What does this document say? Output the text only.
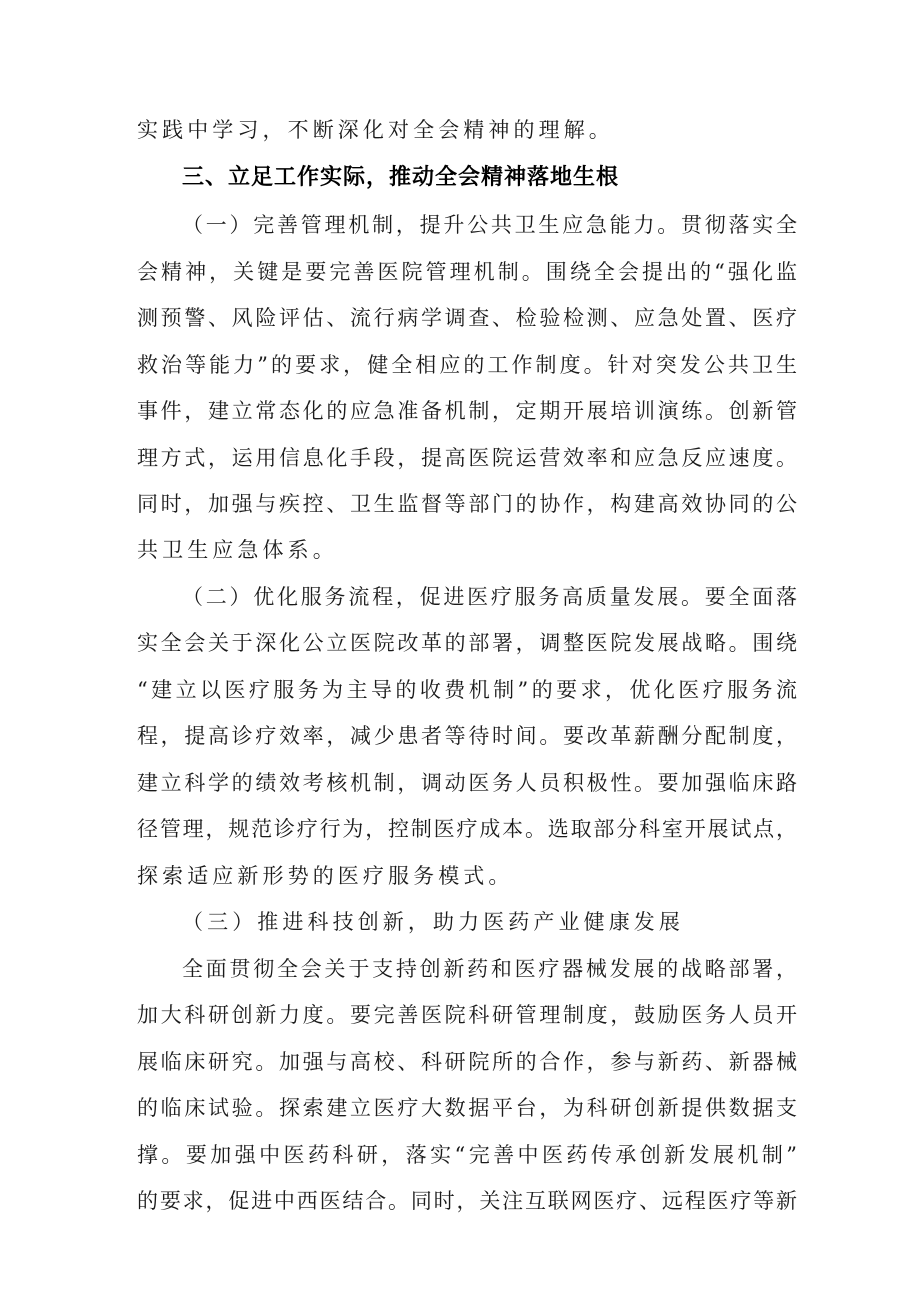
实践中学习，不断深化对全会精神的理解。
三、立足工作实际，推动全会精神落地生根
（一）完善管理机制，提升公共卫生应急能力。贯彻落实全
会精神，关键是要完善医院管理机制。围绕全会提出的“强化监
测预警、风险评估、流行病学调查、检验检测、应急处置、医疗
救治等能力”的要求，健全相应的工作制度。针对突发公共卫生
事件，建立常态化的应急准备机制，定期开展培训演练。创新管
理方式，运用信息化手段，提高医院运营效率和应急反应速度。
同时，加强与疾控、卫生监督等部门的协作，构建高效协同的公
共卫生应急体系。
（二）优化服务流程，促进医疗服务高质量发展。要全面落
实全会关于深化公立医院改革的部署，调整医院发展战略。围绕
“建立以医疗服务为主导的收费机制”的要求，优化医疗服务流
程，提高诊疗效率，减少患者等待时间。要改革薪酬分配制度，
建立科学的绩效考核机制，调动医务人员积极性。要加强临床路
径管理，规范诊疗行为，控制医疗成本。选取部分科室开展试点，
探索适应新形势的医疗服务模式。
（三）推进科技创新，助力医药产业健康发展
全面贯彻全会关于支持创新药和医疗器械发展的战略部署，
加大科研创新力度。要完善医院科研管理制度，鼓励医务人员开
展临床研究。加强与高校、科研院所的合作，参与新药、新器械
的临床试验。探索建立医疗大数据平台，为科研创新提供数据支
撑。要加强中医药科研，落实“完善中医药传承创新发展机制”
的要求，促进中西医结合。同时，关注互联网医疗、远程医疗等新
